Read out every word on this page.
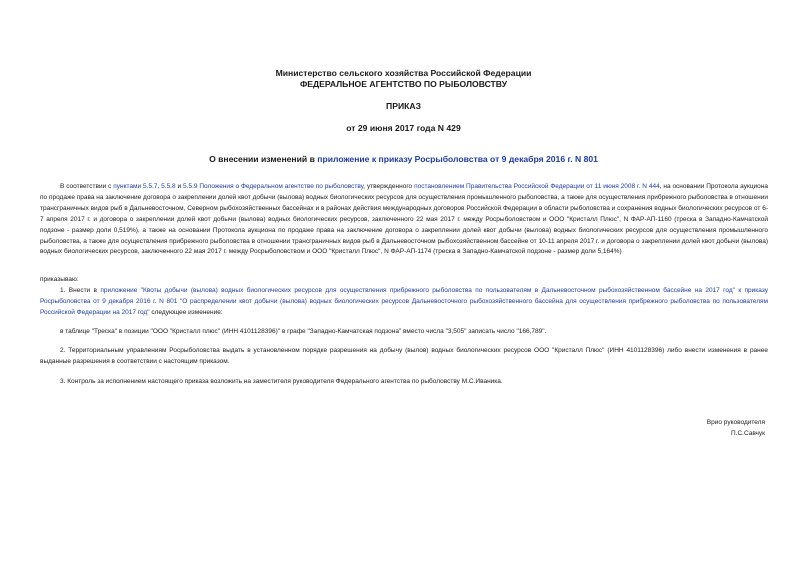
Министерство сельского хозяйства Российской Федерации
ФЕДЕРАЛЬНОЕ АГЕНТСТВО ПО РЫБОЛОВСТВУ
ПРИКАЗ
от 29 июня 2017 года N 429
О внесении изменений в приложение к приказу Росрыболовства от 9 декабря 2016 г. N 801
В соответствии с пунктами 5.5.7, 5.5.8 и 5.5.9 Положения о Федеральном агентстве по рыболовству, утвержденного постановлением Правительства Российской Федерации от 11 июня 2008 г. N 444, на основании Протокола аукциона по продаже права на заключение договора о закреплении долей квот добычи (вылова) водных биологических ресурсов для осуществления промышленного рыболовства, а также для осуществления прибрежного рыболовства в отношении трансграничных видов рыб в Дальневосточном, Северном рыбохозяйственных бассейнах и в районах действия международных договоров Российской Федерации в области рыболовства и сохранения водных биологических ресурсов от 6-7 апреля 2017 г. и договора о закреплении долей квот добычи (вылова) водных биологических ресурсов, заключенного 22 мая 2017 г. между Росрыболовством и ООО "Кристалл Плюс", N ФАР-АП-1160 (треска в Западно-Камчатской подзоне - размер доли 0,519%), а также на основании Протокола аукциона по продаже права на заключение договора о закреплении долей квот добычи (вылова) водных биологических ресурсов для осуществления промышленного рыболовства, а также для осуществления прибрежного рыболовства в отношении трансграничных видов рыб в Дальневосточном рыбохозяйственном бассейне от 10-11 апреля 2017 г. и договора о закреплении долей квот добычи (вылова) водных биологических ресурсов, заключенного 22 мая 2017 г. между Росрыболовством и ООО "Кристалл Плюс", N ФАР-АП-1174 (треска в Западно-Камчатской подзоне - размер доли 5,164%)
приказываю:
1. Внести в приложение "Квоты добычи (вылова) водных биологических ресурсов для осуществления прибрежного рыболовства по пользователям в Дальневосточном рыбохозяйственном бассейне на 2017 год" к приказу Росрыболовства от 9 декабря 2016 г. N 801 "О распределении квот добычи (вылова) водных биологических ресурсов Дальневосточного рыбохозяйственного бассейна для осуществления прибрежного рыболовства по пользователям Российской Федерации на 2017 год" следующее изменение:
в таблице "Треска" в позиции "ООО "Кристалл плюс" (ИНН 4101128396)" в графе "Западно-Камчатская подзона" вместо числа "3,505" записать число "166,789".
2. Территориальным управлениям Росрыболовства выдать в установленном порядке разрешения на добычу (вылов) водных биологических ресурсов ООО "Кристалл Плюс" (ИНН 4101128396) либо внести изменения в ранее выданные разрешения в соответствии с настоящим приказом.
3. Контроль за исполнением настоящего приказа возложить на заместителя руководителя Федерального агентства по рыболовству М.С.Иваника.
Врио руководителя
П.С.Савчук
